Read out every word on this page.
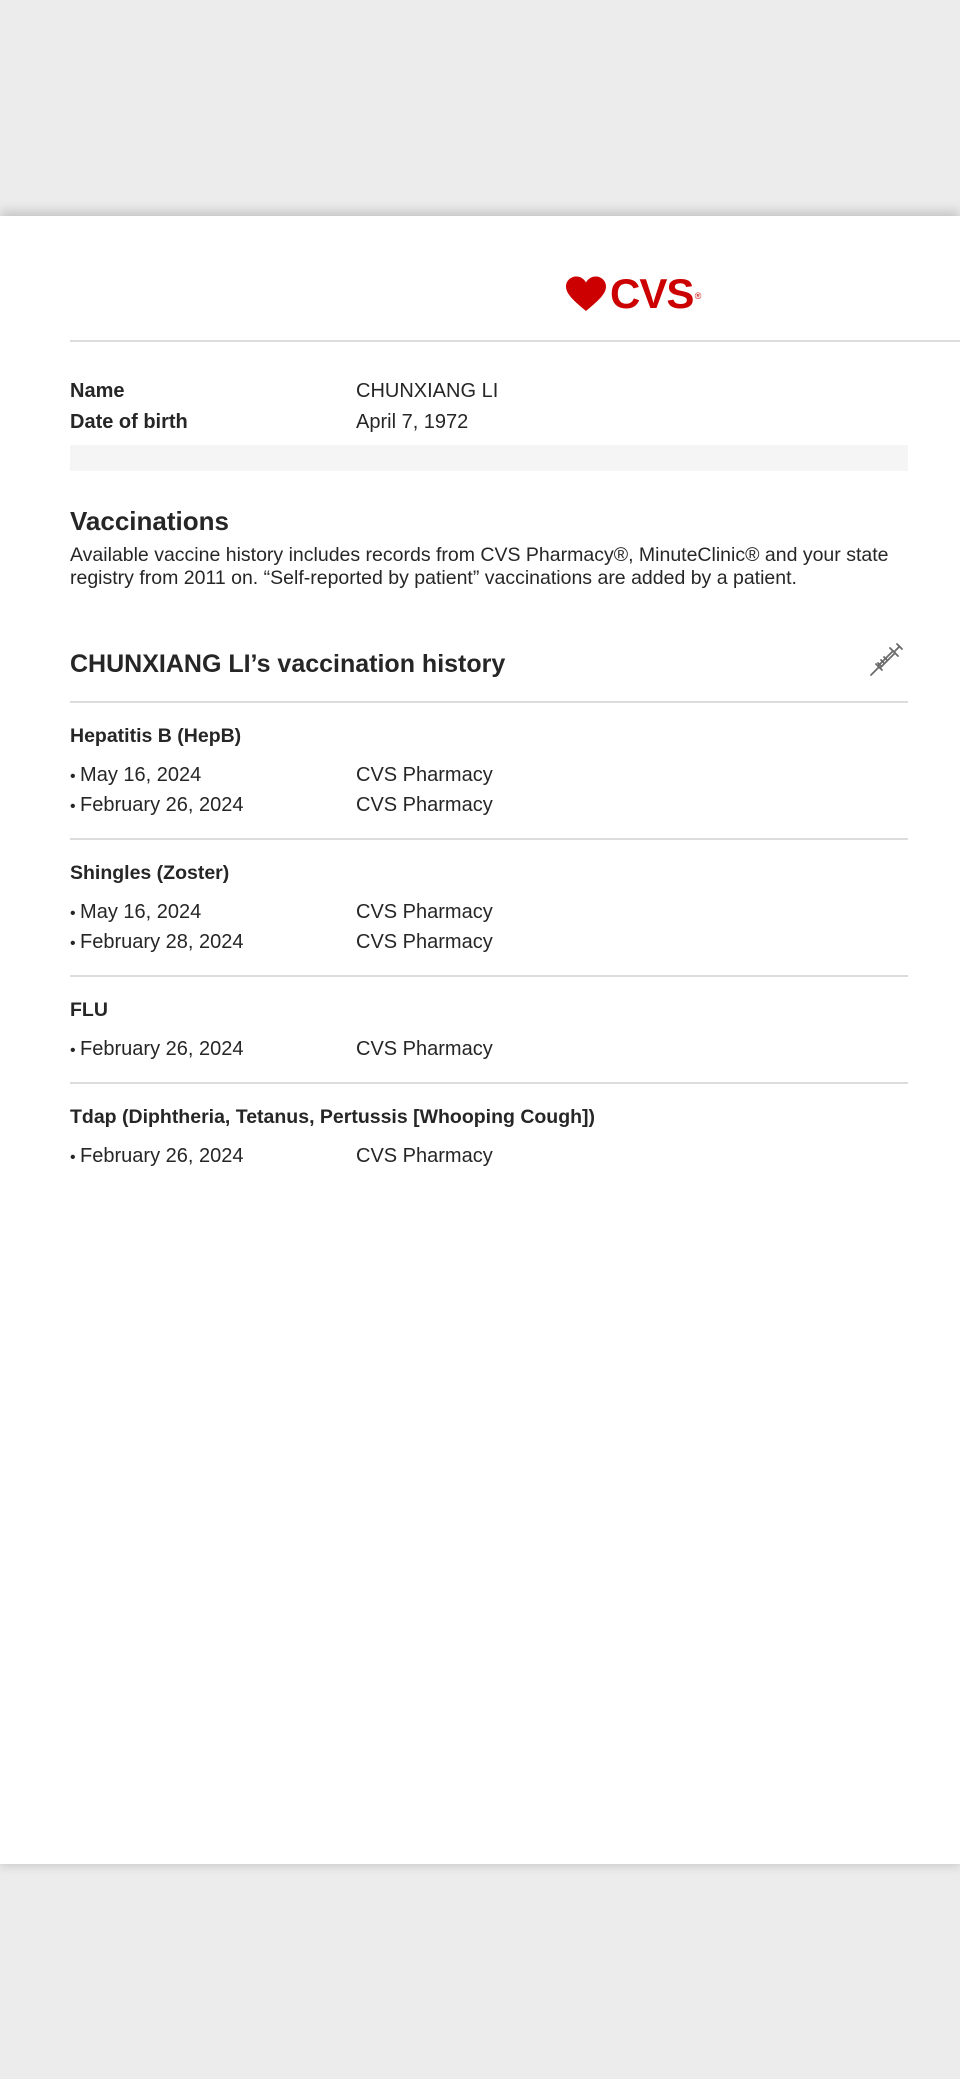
CVS ®
Name	CHUNXIANG LI
Date of birth	April 7, 1972
Vaccinations

Available vaccine history includes records from CVS Pharmacy®, MinuteClinic® and your state registry from 2011 on. “Self-reported by patient” vaccinations are added by a patient.

CHUNXIANG LI’s vaccination history
Hepatitis B (HepB)
• May 16, 2024	CVS Pharmacy
• February 26, 2024	CVS Pharmacy
Shingles (Zoster)
• May 16, 2024	CVS Pharmacy
• February 28, 2024	CVS Pharmacy
FLU
• February 26, 2024	CVS Pharmacy
Tdap (Diphtheria, Tetanus, Pertussis [Whooping Cough])
• February 26, 2024	CVS Pharmacy
